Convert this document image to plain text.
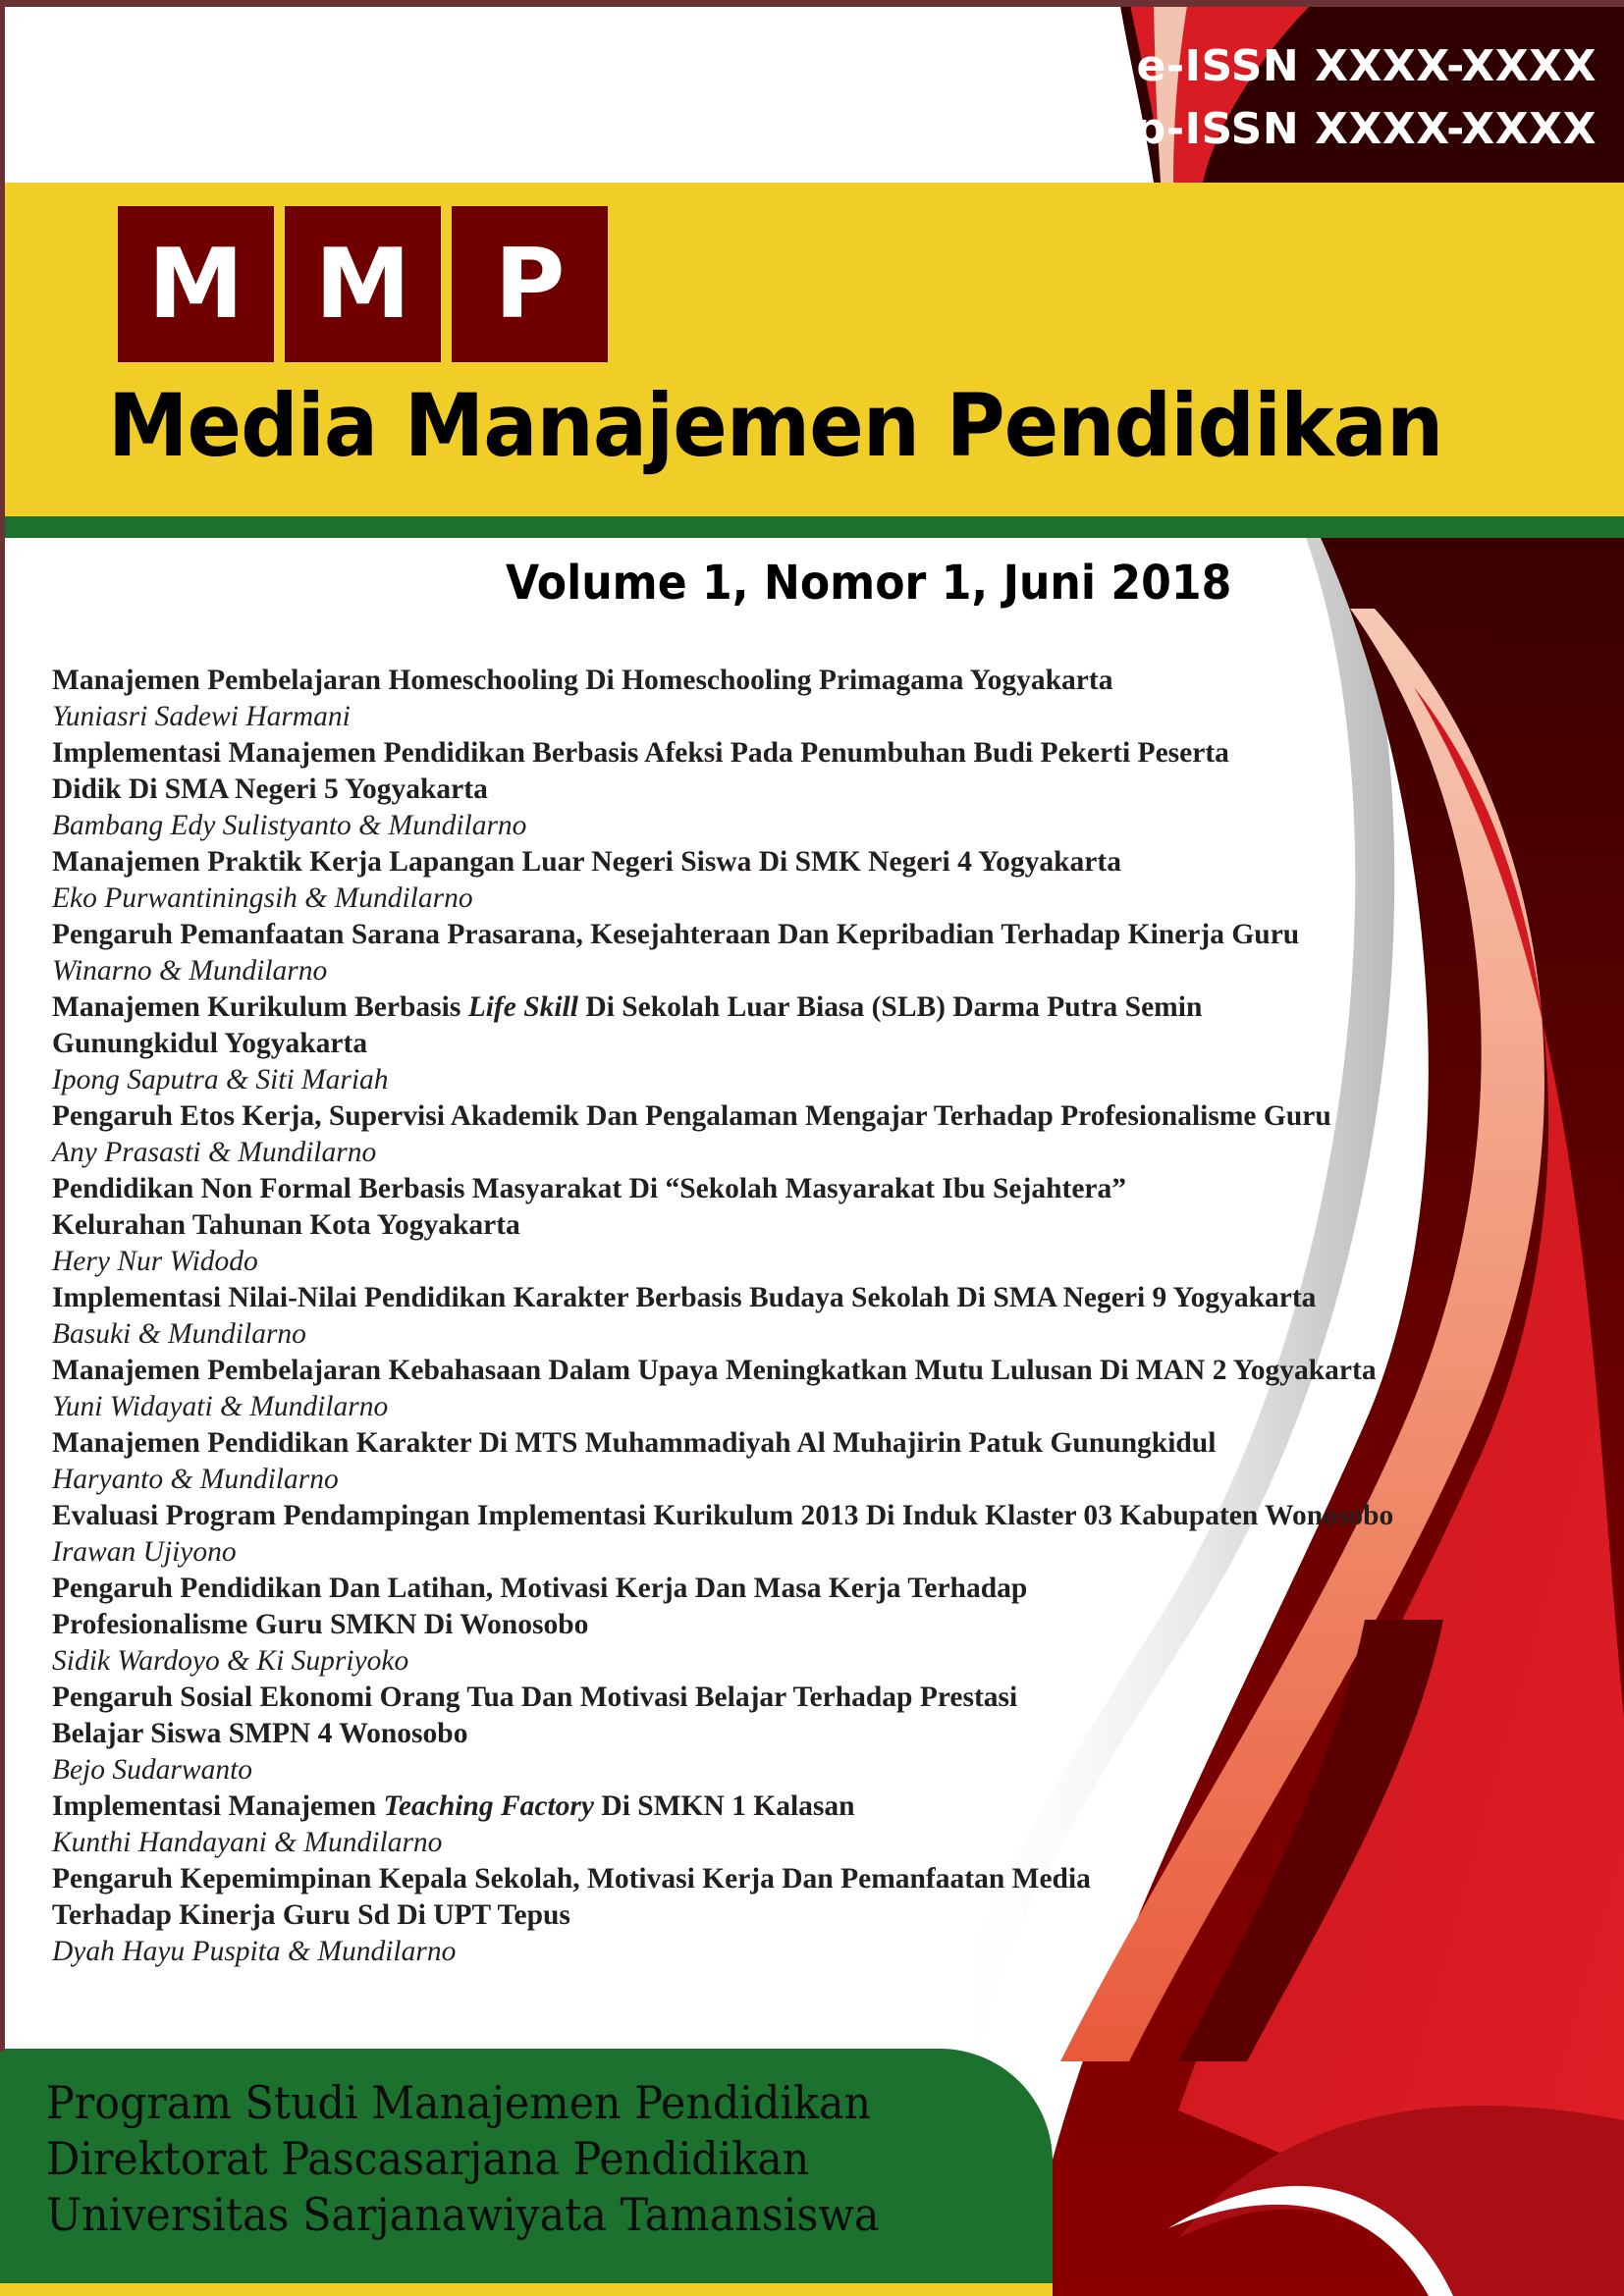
e-ISSN XXXX-XXXX
p-ISSN XXXX-XXXX
M M P
Media Manajemen Pendidikan
Volume 1, Nomor 1, Juni 2018
Manajemen Pembelajaran Homeschooling Di Homeschooling Primagama Yogyakarta
Yuniasri Sadewi Harmani
Implementasi Manajemen Pendidikan Berbasis Afeksi Pada Penumbuhan Budi Pekerti Peserta
Didik Di SMA Negeri 5 Yogyakarta
Bambang Edy Sulistyanto & Mundilarno
Manajemen Praktik Kerja Lapangan Luar Negeri Siswa Di SMK Negeri 4 Yogyakarta
Eko Purwantiningsih & Mundilarno
Pengaruh Pemanfaatan Sarana Prasarana, Kesejahteraan Dan Kepribadian Terhadap Kinerja Guru
Winarno & Mundilarno
Manajemen Kurikulum Berbasis Life Skill Di Sekolah Luar Biasa (SLB) Darma Putra Semin
Gunungkidul Yogyakarta
Ipong Saputra & Siti Mariah
Pengaruh Etos Kerja, Supervisi Akademik Dan Pengalaman Mengajar Terhadap Profesionalisme Guru
Any Prasasti & Mundilarno
Pendidikan Non Formal Berbasis Masyarakat Di “Sekolah Masyarakat Ibu Sejahtera”
Kelurahan Tahunan Kota Yogyakarta
Hery Nur Widodo
Implementasi Nilai-Nilai Pendidikan Karakter Berbasis Budaya Sekolah Di SMA Negeri 9 Yogyakarta
Basuki & Mundilarno
Manajemen Pembelajaran Kebahasaan Dalam Upaya Meningkatkan Mutu Lulusan Di MAN 2 Yogyakarta
Yuni Widayati & Mundilarno
Manajemen Pendidikan Karakter Di MTS Muhammadiyah Al Muhajirin Patuk Gunungkidul
Haryanto & Mundilarno
Evaluasi Program Pendampingan Implementasi Kurikulum 2013 Di Induk Klaster 03 Kabupaten Wonosobo
Irawan Ujiyono
Pengaruh Pendidikan Dan Latihan, Motivasi Kerja Dan Masa Kerja Terhadap
Profesionalisme Guru SMKN Di Wonosobo
Sidik Wardoyo & Ki Supriyoko
Pengaruh Sosial Ekonomi Orang Tua Dan Motivasi Belajar Terhadap Prestasi
Belajar Siswa SMPN 4 Wonosobo
Bejo Sudarwanto
Implementasi Manajemen Teaching Factory Di SMKN 1 Kalasan
Kunthi Handayani & Mundilarno
Pengaruh Kepemimpinan Kepala Sekolah, Motivasi Kerja Dan Pemanfaatan Media
Terhadap Kinerja Guru Sd Di UPT Tepus
Dyah Hayu Puspita & Mundilarno
Program Studi Manajemen Pendidikan
Direktorat Pascasarjana Pendidikan
Universitas Sarjanawiyata Tamansiswa
